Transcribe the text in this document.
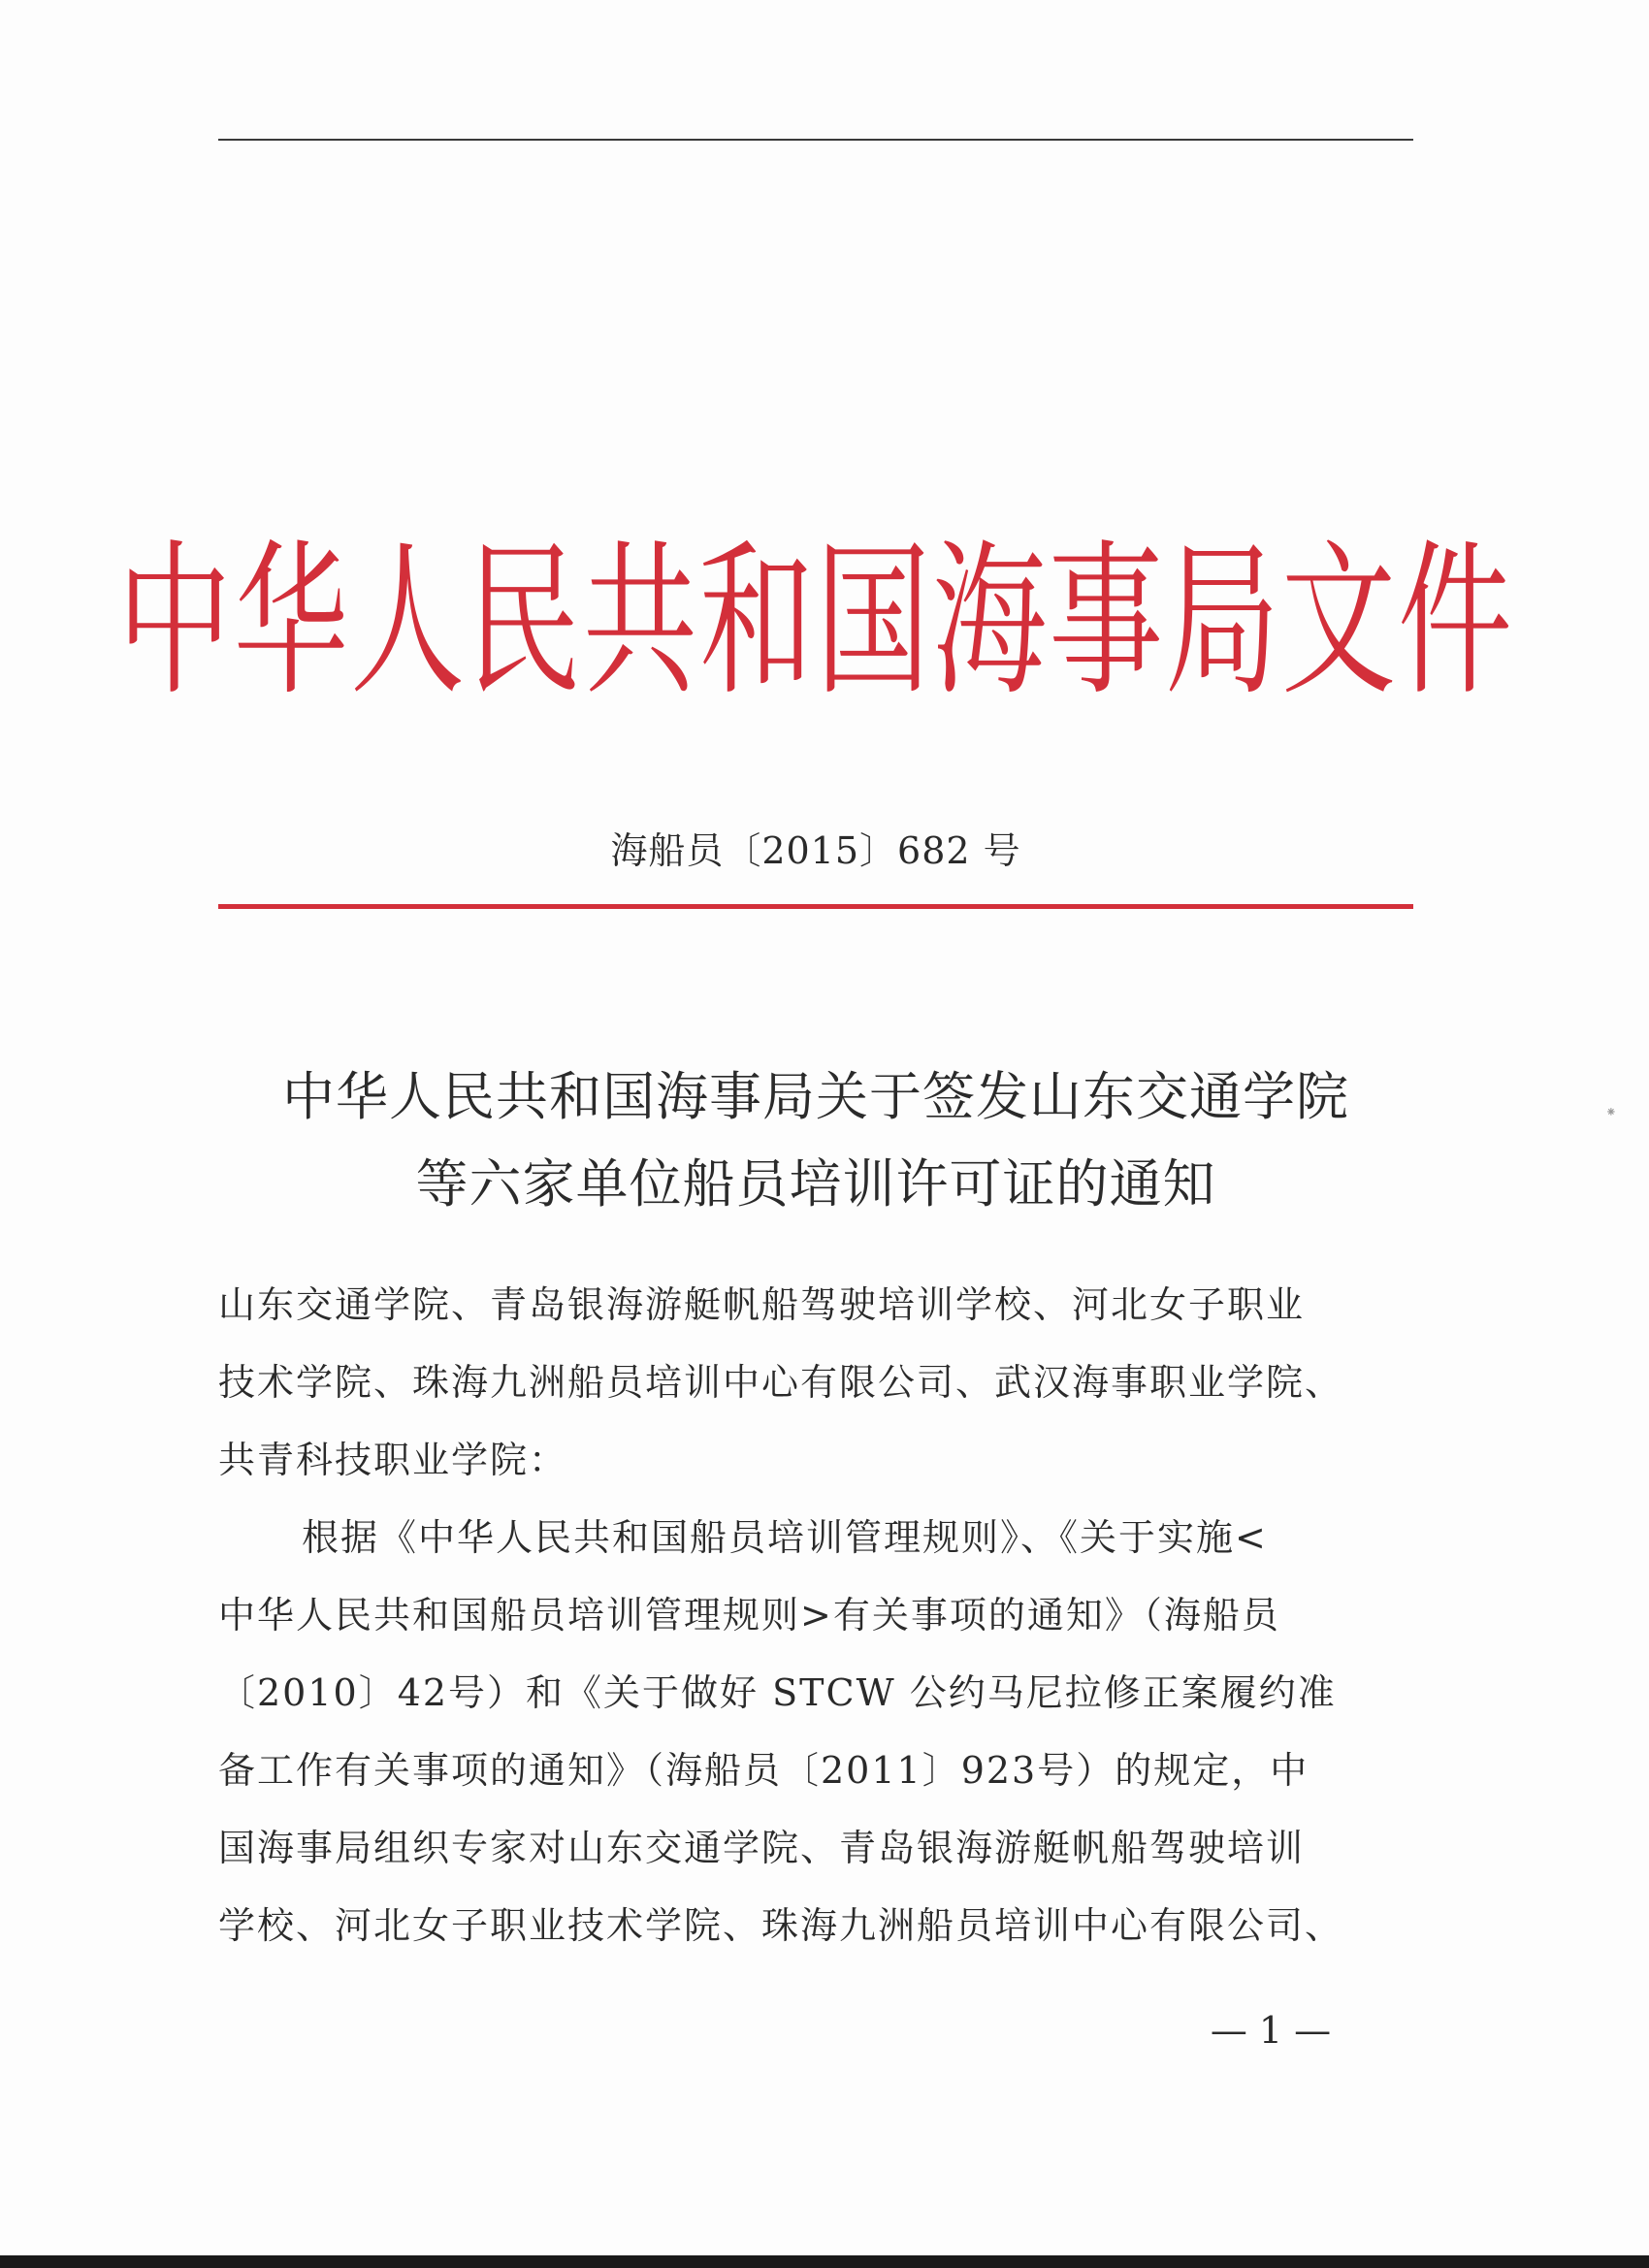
中华人民共和国海事局文件
海船员〔2015〕682 号
中华人民共和国海事局关于签发山东交通学院
等六家单位船员培训许可证的通知
山东交通学院、青岛银海游艇帆船驾驶培训学校、河北女子职业
技术学院、珠海九洲船员培训中心有限公司、武汉海事职业学院、
共青科技职业学院：
根据《中华人民共和国船员培训管理规则》、《关于实施<
中华人民共和国船员培训管理规则>有关事项的通知》（海船员
〔2010〕42号）和《关于做好 STCW 公约马尼拉修正案履约准
备工作有关事项的通知》（海船员〔2011〕923号）的规定，中
国海事局组织专家对山东交通学院、青岛银海游艇帆船驾驶培训
学校、河北女子职业技术学院、珠海九洲船员培训中心有限公司、
— 1 —
⁕
